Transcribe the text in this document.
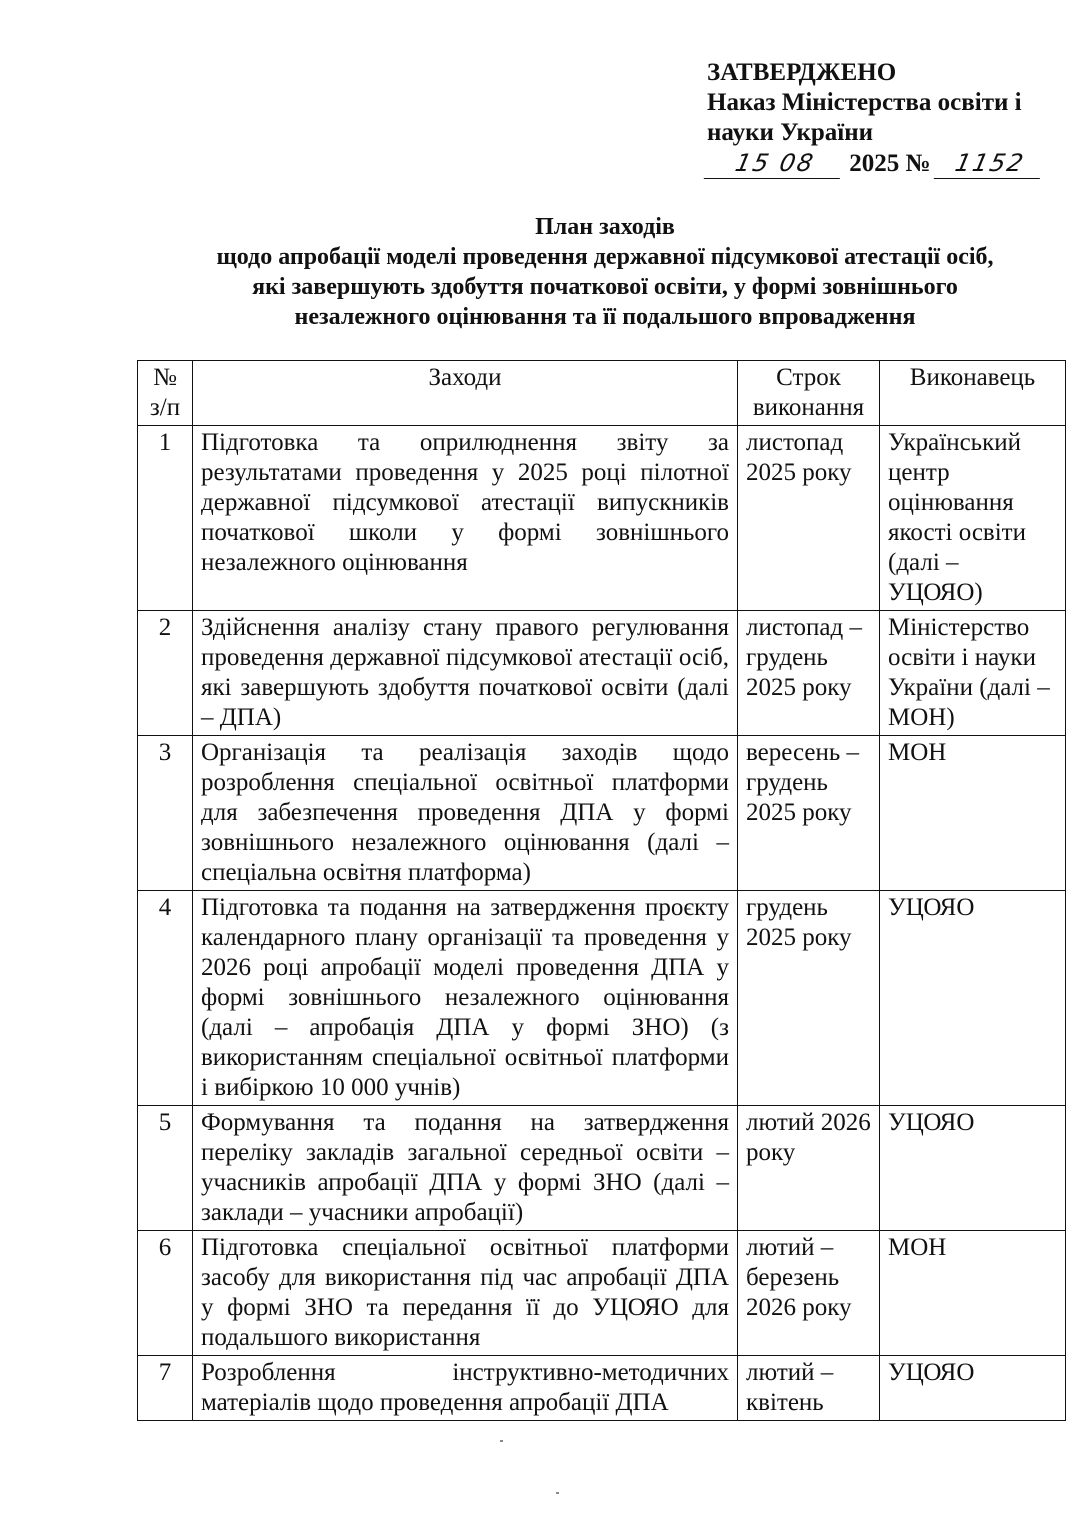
ЗАТВЕРДЖЕНО
Наказ Міністерства освіти і
науки України
15 08 2025 № 1152
План заходів
щодо апробації моделі проведення державної підсумкової атестації осіб,
які завершують здобуття початкової освіти, у формі зовнішнього
незалежного оцінювання та її подальшого впровадження
№ з/п	Заходи	Строк виконання	Виконавець
1	Підготовка та оприлюднення звіту за результатами проведення у 2025 році пілотної державної підсумкової атестації випускників початкової школи у формі зовнішнього незалежного оцінювання	листопад 2025 року	Український центр оцінювання якості освіти (далі – УЦОЯО)
2	Здійснення аналізу стану правого регулювання проведення державної підсумкової атестації осіб, які завершують здобуття початкової освіти (далі – ДПА)	листопад – грудень 2025 року	Міністерство освіти і науки України (далі – МОН)
3	Організація та реалізація заходів щодо розроблення спеціальної освітньої платформи для забезпечення проведення ДПА у формі зовнішнього незалежного оцінювання (далі – спеціальна освітня платформа)	вересень – грудень 2025 року	МОН
4	Підготовка та подання на затвердження проєкту календарного плану організації та проведення у 2026 році апробації моделі проведення ДПА у формі зовнішнього незалежного оцінювання (далі – апробація ДПА у формі ЗНО) (з використанням спеціальної освітньої платформи і вибіркою 10 000 учнів)	грудень 2025 року	УЦОЯО
5	Формування та подання на затвердження переліку закладів загальної середньої освіти – учасників апробації ДПА у формі ЗНО (далі – заклади – учасники апробації)	лютий 2026 року	УЦОЯО
6	Підготовка спеціальної освітньої платформи засобу для використання під час апробації ДПА у формі ЗНО та передання її до УЦОЯО для подальшого використання	лютий – березень 2026 року	МОН
7	Розроблення інструктивно-методичних матеріалів щодо проведення апробації ДПА	лютий – квітень	УЦОЯО
